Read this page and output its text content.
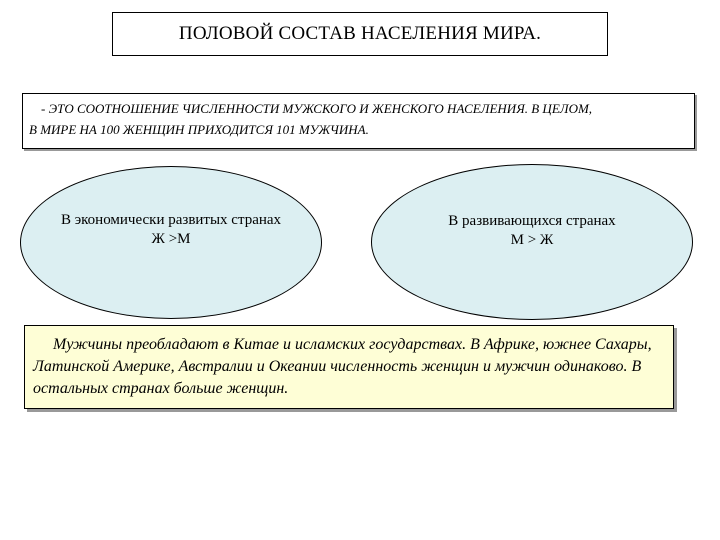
ПОЛОВОЙ СОСТАВ НАСЕЛЕНИЯ МИРА.
- ЭТО СООТНОШЕНИЕ ЧИСЛЕННОСТИ МУЖСКОГО И ЖЕНСКОГО НАСЕЛЕНИЯ. В ЦЕЛОМ,
В МИРЕ НА 100 ЖЕНЩИН ПРИХОДИТСЯ 101 МУЖЧИНА.
В экономически развитых странах
Ж >М
В развивающихся странах
М > Ж
Мужчины преобладают в Китае и исламских государствах. В Африке, южнее Сахары, Латинской Америке, Австралии и Океании численность женщин и мужчин одинаково. В остальных странах больше женщин.
